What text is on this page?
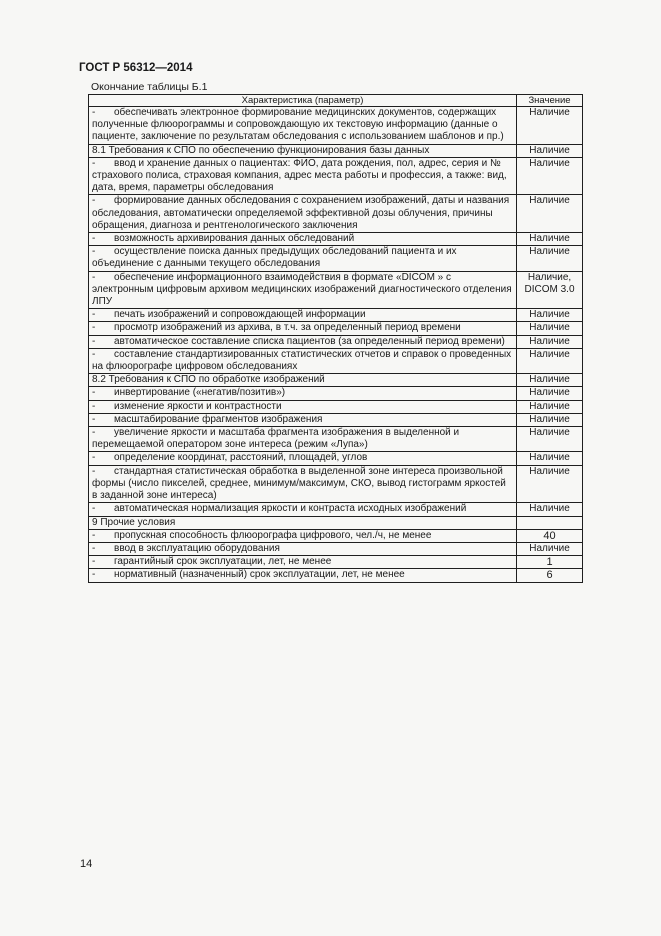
ГОСТ Р 56312—2014
Окончание таблицы Б.1
Характеристика (параметр)	Значение
- обеспечивать электронное формирование медицинских документов, содержащих полученные флюорограммы и сопровождающую их текстовую информацию (данные о пациенте, заключение по результатам обследования с использованием шаблонов и пр.)	Наличие

8.1 Требования к СПО по обеспечению функционирования базы данных	Наличие

- ввод и хранение данных о пациентах: ФИО, дата рождения, пол, адрес, серия и № страхового полиса, страховая компания, адрес места работы и профессия, а также: вид, дата, время, параметры обследования	Наличие

- формирование данных обследования с сохранением изображений, даты и названия обследования, автоматически определяемой эффективной дозы облучения, причины обращения, диагноза и рентгенологического заключения	Наличие

- возможность архивирования данных обследований	Наличие

- осуществление поиска данных предыдущих обследований пациента и их объединение с данными текущего обследования	Наличие

- обеспечение информационного взаимодействия в формате «DICOM » с электронным цифровым архивом медицинских изображений диагностического отделения ЛПУ	Наличие,
DICOM 3.0

- печать изображений и сопровождающей информации	Наличие

- просмотр изображений из архива, в т.ч. за определенный период времени	Наличие

- автоматическое составление списка пациентов (за определенный период времени)	Наличие

- составление стандартизированных статистических отчетов и справок о проведенных на флюорографе цифровом обследованиях	Наличие

8.2 Требования к СПО по обработке изображений	Наличие

- инвертирование («негатив/позитив»)	Наличие

- изменение яркости и контрастности	Наличие

- масштабирование фрагментов изображения	Наличие

- увеличение яркости и масштаба фрагмента изображения в выделенной и перемещаемой оператором зоне интереса (режим «Лупа»)	Наличие

- определение координат, расстояний, площадей, углов	Наличие

- стандартная статистическая обработка в выделенной зоне интереса произвольной формы (число пикселей, среднее, минимум/максимум, СКО, вывод гистограмм яркостей в заданной зоне интереса)	Наличие

- автоматическая нормализация яркости и контраста исходных изображений	Наличие

9 Прочие условия	

- пропускная способность флюорографа цифрового, чел./ч, не менее	40

- ввод в эксплуатацию оборудования	Наличие

- гарантийный срок эксплуатации, лет, не менее	1

- нормативный (назначенный) срок эксплуатации, лет, не менее	6
14
